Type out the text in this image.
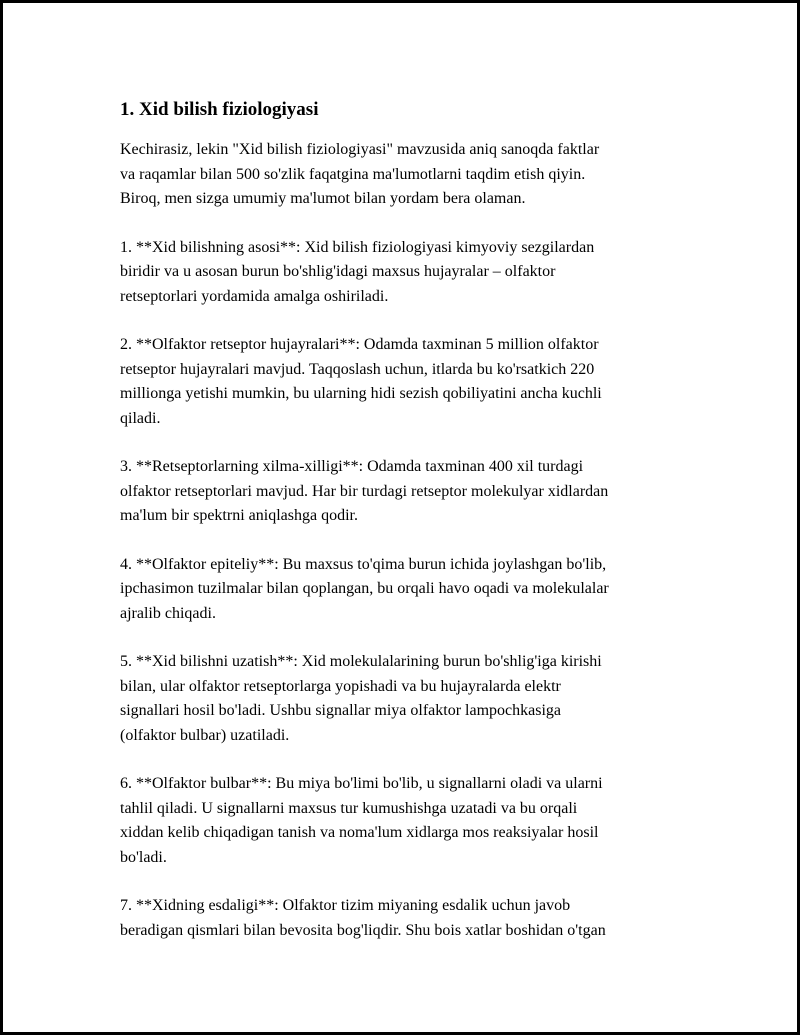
1. Xid bilish fiziologiyasi
Kechirasiz, lekin "Xid bilish fiziologiyasi" mavzusida aniq sanoqda faktlar
va raqamlar bilan 500 so'zlik faqatgina ma'lumotlarni taqdim etish qiyin.
Biroq, men sizga umumiy ma'lumot bilan yordam bera olaman.
1. **Xid bilishning asosi**: Xid bilish fiziologiyasi kimyoviy sezgilardan
biridir va u asosan burun bo'shlig'idagi maxsus hujayralar – olfaktor
retseptorlari yordamida amalga oshiriladi.
2. **Olfaktor retseptor hujayralari**: Odamda taxminan 5 million olfaktor
retseptor hujayralari mavjud. Taqqoslash uchun, itlarda bu ko'rsatkich 220
millionga yetishi mumkin, bu ularning hidi sezish qobiliyatini ancha kuchli
qiladi.
3. **Retseptorlarning xilma-xilligi**: Odamda taxminan 400 xil turdagi
olfaktor retseptorlari mavjud. Har bir turdagi retseptor molekulyar xidlardan
ma'lum bir spektrni aniqlashga qodir.
4. **Olfaktor epiteliy**: Bu maxsus to'qima burun ichida joylashgan bo'lib,
ipchasimon tuzilmalar bilan qoplangan, bu orqali havo oqadi va molekulalar
ajralib chiqadi.
5. **Xid bilishni uzatish**: Xid molekulalarining burun bo'shlig'iga kirishi
bilan, ular olfaktor retseptorlarga yopishadi va bu hujayralarda elektr
signallari hosil bo'ladi. Ushbu signallar miya olfaktor lampochkasiga
(olfaktor bulbar) uzatiladi.
6. **Olfaktor bulbar**: Bu miya bo'limi bo'lib, u signallarni oladi va ularni
tahlil qiladi. U signallarni maxsus tur kumushishga uzatadi va bu orqali
xiddan kelib chiqadigan tanish va noma'lum xidlarga mos reaksiyalar hosil
bo'ladi.
7. **Xidning esdaligi**: Olfaktor tizim miyaning esdalik uchun javob
beradigan qismlari bilan bevosita bog'liqdir. Shu bois xatlar boshidan o'tgan
